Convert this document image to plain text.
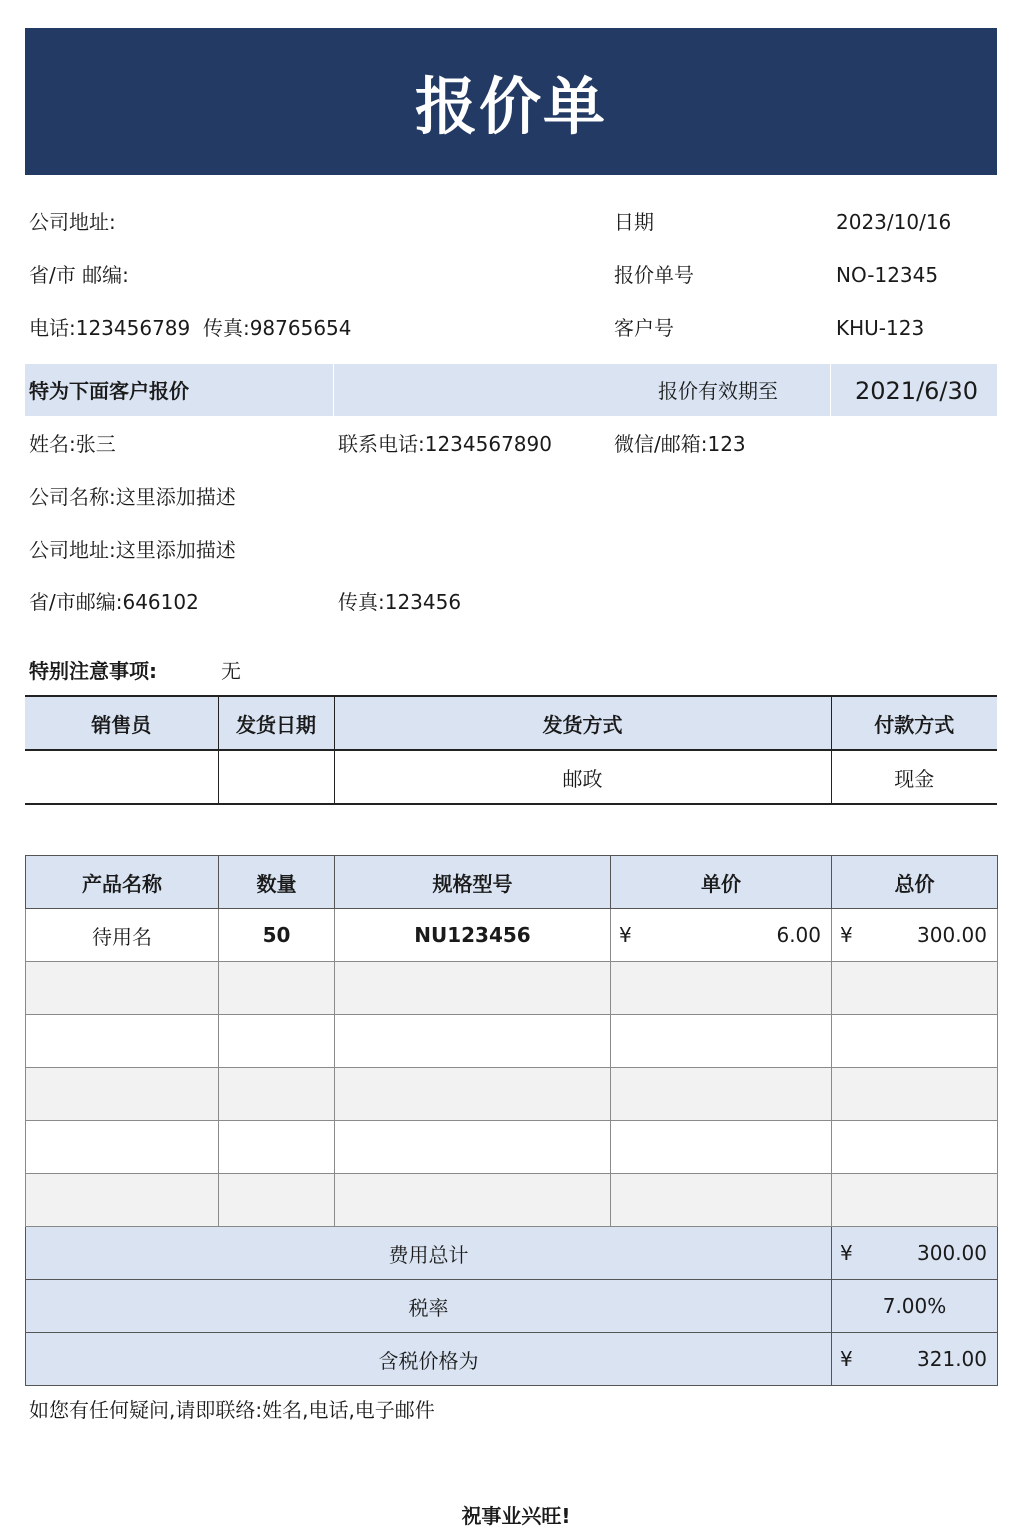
报价单
公司地址:
省/市 邮编:
电话:123456789  传真:98765654
日期	2023/10/16
报价单号	NO-12345
客户号	KHU-123
特为下面客户报价	报价有效期至	2021/6/30
姓名:张三	联系电话:1234567890	微信/邮箱:123
公司名称:这里添加描述
公司地址:这里添加描述
省/市邮编:646102	传真:123456
特别注意事项:	无
销售员	发货日期	发货方式	付款方式
		邮政	现金
产品名称	数量	规格型号	单价	总价
待用名	50	NU123456	¥ 6.00	¥ 300.00

费用总计				¥ 300.00

税率				7.00%
含税价格为				¥ 321.00
如您有任何疑问,请即联络:姓名,电话,电子邮件
祝事业兴旺!
